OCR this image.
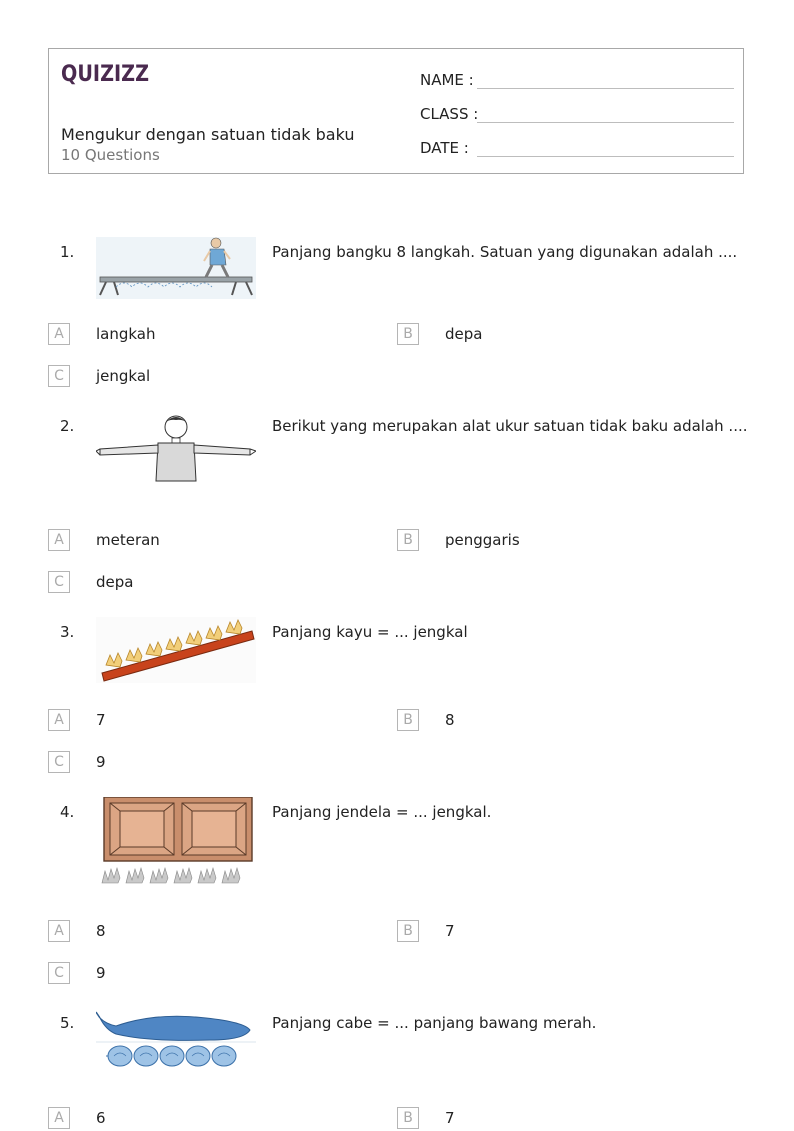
QUIZIZZ
Mengukur dengan satuan tidak baku
10 Questions
NAME :
CLASS :
DATE :
1.	Panjang bangku 8 langkah. Satuan yang digunakan adalah ....
A	langkah	B	depa
C	jengkal
2.	Berikut yang merupakan alat ukur satuan tidak baku adalah ....
A	meteran	B	penggaris
C	depa
3.	Panjang kayu = ... jengkal
A	7	B	8
C	9
4.	Panjang jendela = ... jengkal.
A	8	B	7
C	9
5.	Panjang cabe = ... panjang bawang merah.
A	6	B	7
